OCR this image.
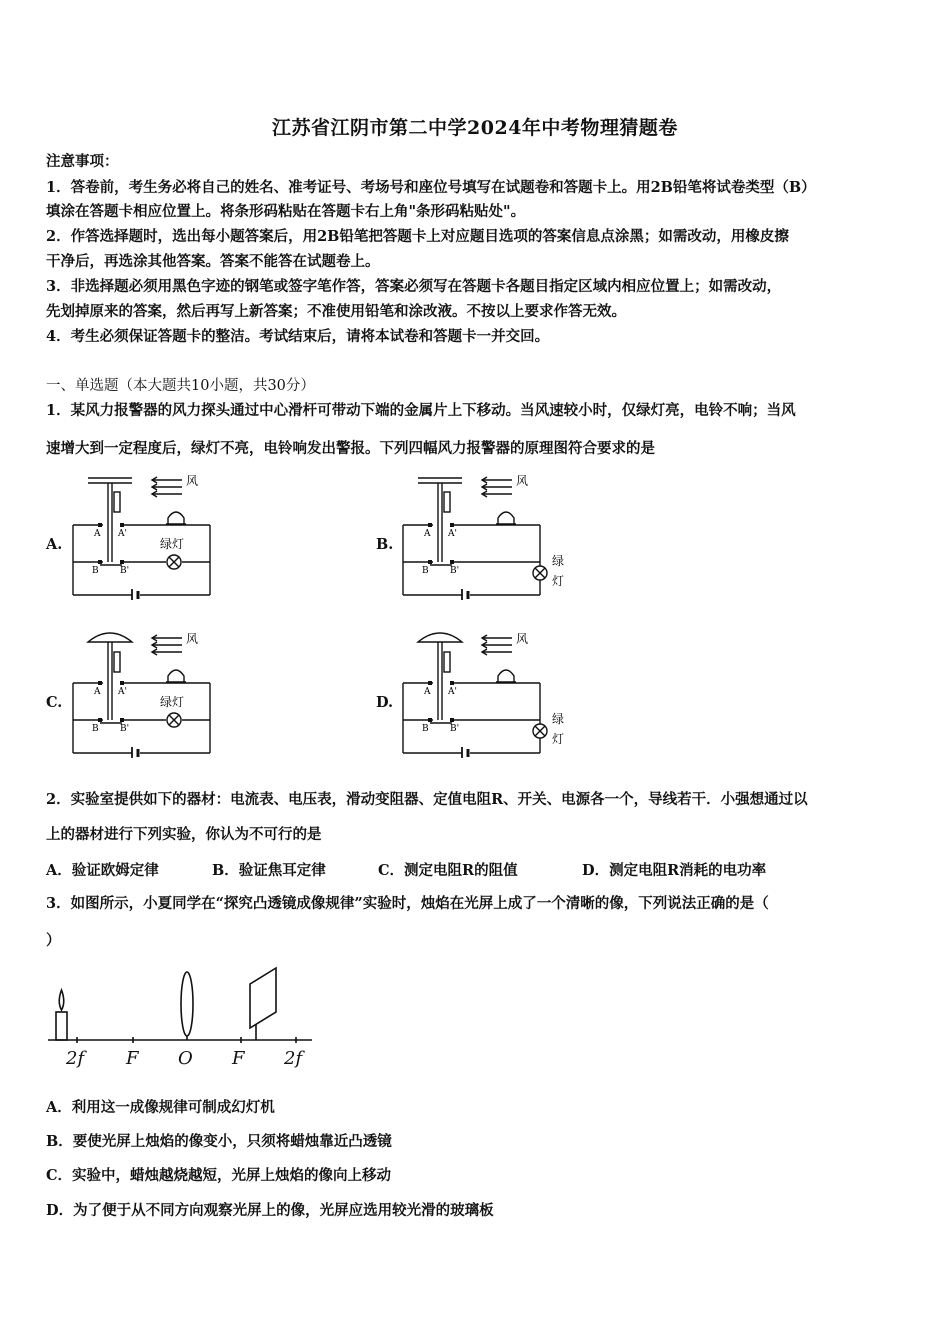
江苏省江阴市第二中学2024年中考物理猜题卷
注意事项：
1．答卷前，考生务必将自己的姓名、准考证号、考场号和座位号填写在试题卷和答题卡上。用2B铅笔将试卷类型（B）
填涂在答题卡相应位置上。将条形码粘贴在答题卡右上角"条形码粘贴处"。
2．作答选择题时，选出每小题答案后，用2B铅笔把答题卡上对应题目选项的答案信息点涂黑；如需改动，用橡皮擦
干净后，再选涂其他答案。答案不能答在试题卷上。
3．非选择题必须用黑色字迹的钢笔或签字笔作答，答案必须写在答题卡各题目指定区域内相应位置上；如需改动，
先划掉原来的答案，然后再写上新答案；不准使用铅笔和涂改液。不按以上要求作答无效。
4．考生必须保证答题卡的整洁。考试结束后，请将本试卷和答题卡一并交回。
一、单选题（本大题共10小题，共30分）
1．某风力报警器的风力探头通过中心滑杆可带动下端的金属片上下移动。当风速较小时，仅绿灯亮，电铃不响；当风
速增大到一定程度后，绿灯不亮，电铃响发出警报。下列四幅风力报警器的原理图符合要求的是
A.	B.
C.	D.
风
A A'
B B'
绿灯
风
A A'
B B'
绿
灯
风
A A'
B B'
绿灯
风
A A'
B B'
绿
灯
2．实验室提供如下的器材：电流表、电压表，滑动变阻器、定值电阻R、开关、电源各一个，导线若干．小强想通过以
上的器材进行下列实验，你认为不可行的是
A．验证欧姆定律	B．验证焦耳定律	C．测定电阻R的阻值	D．测定电阻R消耗的电功率
3．如图所示，小夏同学在“探究凸透镜成像规律”实验时，烛焰在光屏上成了一个清晰的像，下列说法正确的是（
）
2f F O F 2f
A．利用这一成像规律可制成幻灯机
B．要使光屏上烛焰的像变小，只须将蜡烛靠近凸透镜
C．实验中，蜡烛越烧越短，光屏上烛焰的像向上移动
D．为了便于从不同方向观察光屏上的像，光屏应选用较光滑的玻璃板
